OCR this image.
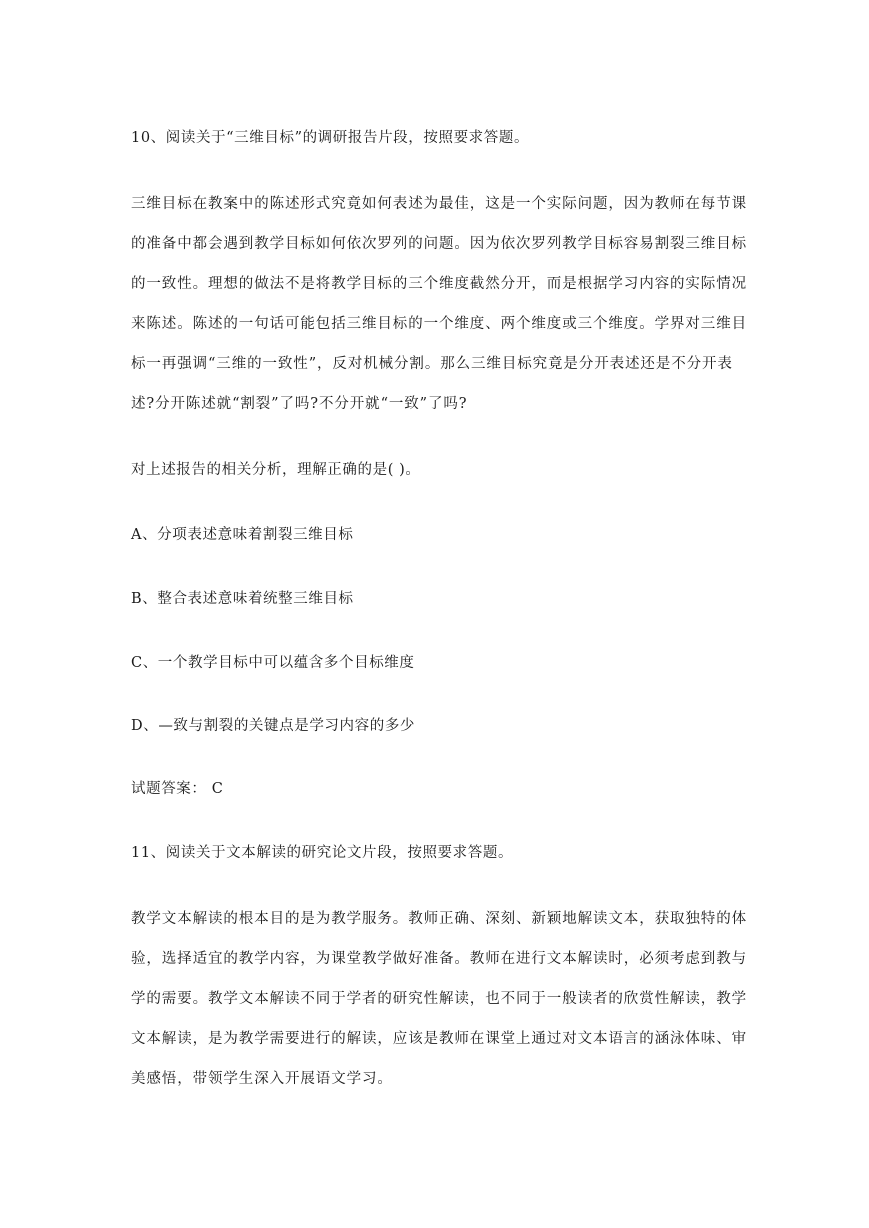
10、阅读关于“三维目标”的调研报告片段，按照要求答题。
三维目标在教案中的陈述形式究竟如何表述为最佳，这是一个实际问题，因为教师在每节课
的准备中都会遇到教学目标如何依次罗列的问题。因为依次罗列教学目标容易割裂三维目标
的一致性。理想的做法不是将教学目标的三个维度截然分开，而是根据学习内容的实际情况
来陈述。陈述的一句话可能包括三维目标的一个维度、两个维度或三个维度。学界对三维目
标一再强调“三维的一致性”，反对机械分割。那么三维目标究竟是分开表述还是不分开表
述?分开陈述就“割裂”了吗?不分开就“一致”了吗?
对上述报告的相关分析，理解正确的是( )。
A、分项表述意味着割裂三维目标
B、整合表述意味着统整三维目标
C、一个教学目标中可以蕴含多个目标维度
D、—致与割裂的关键点是学习内容的多少
试题答案： C
11、阅读关于文本解读的研究论文片段，按照要求答题。
教学文本解读的根本目的是为教学服务。教师正确、深刻、新颖地解读文本，获取独特的体
验，选择适宜的教学内容，为课堂教学做好准备。教师在进行文本解读时，必须考虑到教与
学的需要。教学文本解读不同于学者的研究性解读，也不同于一般读者的欣赏性解读，教学
文本解读，是为教学需要进行的解读，应该是教师在课堂上通过对文本语言的涵泳体味、审
美感悟，带领学生深入开展语文学习。
